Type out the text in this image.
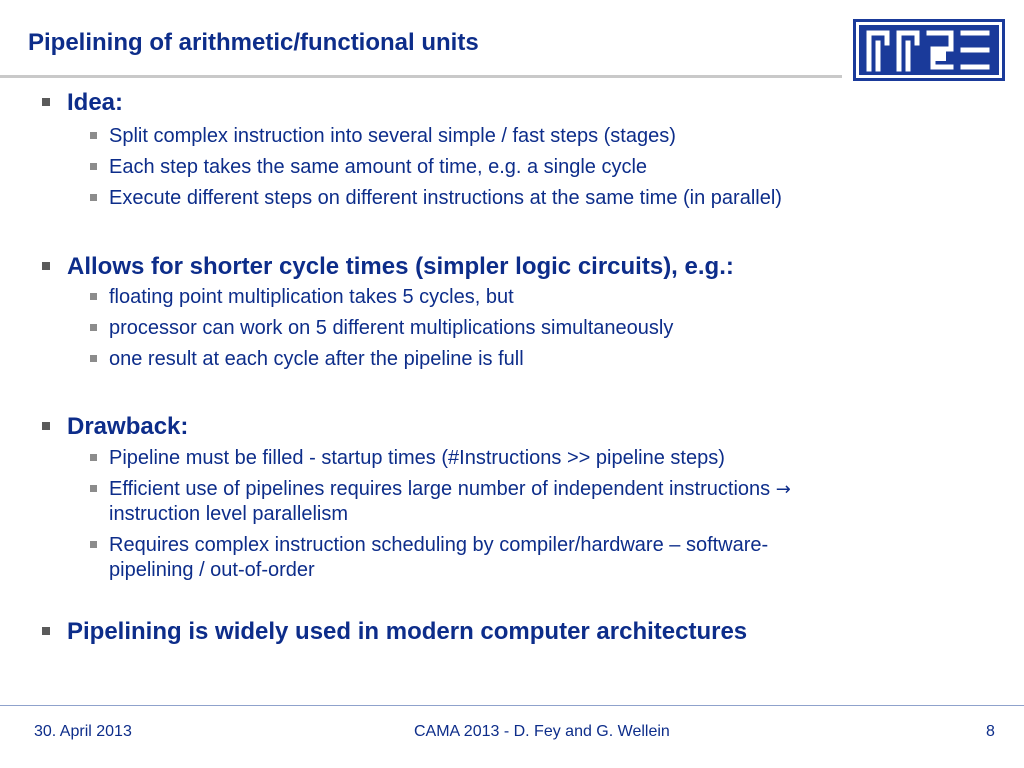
Pipelining of arithmetic/functional units

Idea:

Split complex instruction into several simple / fast steps (stages)

Each step takes the same amount of time, e.g. a single cycle

Execute different steps on different instructions at the same time (in parallel)

Allows for shorter cycle times (simpler logic circuits), e.g.:

floating point multiplication takes 5 cycles, but

processor can work on 5 different multiplications simultaneously

one result at each cycle after the pipeline is full

Drawback:

Pipeline must be filled - startup times (#Instructions >> pipeline steps)

Efficient use of pipelines requires large number of independent instructions →

instruction level parallelism

Requires complex instruction scheduling by compiler/hardware – software-

pipelining / out-of-order

Pipelining is widely used in modern computer architectures

30. April 2013	CAMA 2013 - D. Fey and G. Wellein	8
